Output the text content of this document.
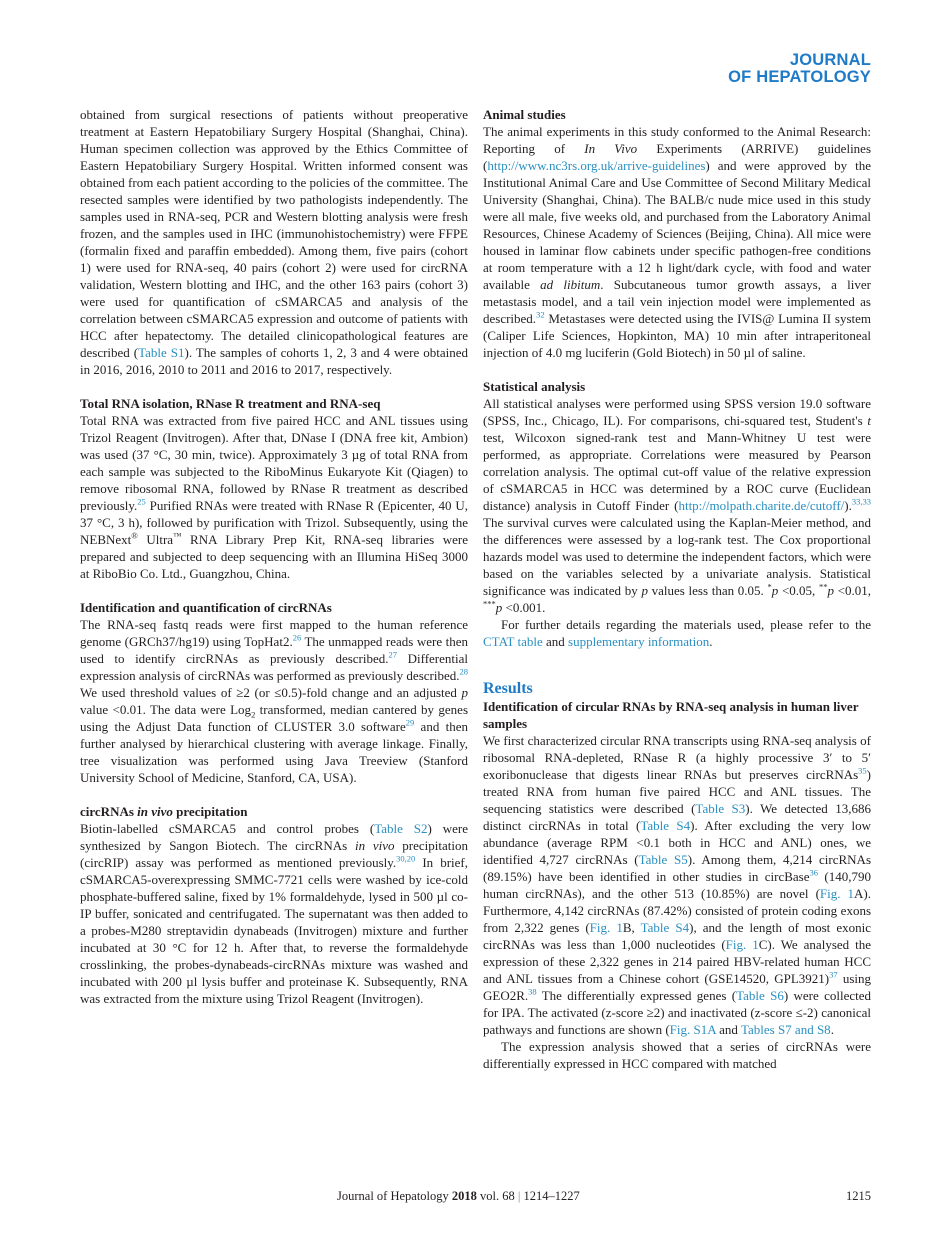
JOURNAL
OF HEPATOLOGY

obtained from surgical resections of patients without preoperative treatment at Eastern Hepatobiliary Surgery Hospital (Shanghai, China). Human specimen collection was approved by the Ethics Committee of Eastern Hepatobiliary Surgery Hospital. Written informed consent was obtained from each patient according to the policies of the committee. The resected samples were identified by two pathologists independently. The samples used in RNA-seq, PCR and Western blotting analysis were fresh frozen, and the samples used in IHC (immunohistochemistry) were FFPE (formalin fixed and paraffin embedded). Among them, five pairs (cohort 1) were used for RNA-seq, 40 pairs (cohort 2) were used for circRNA validation, Western blotting and IHC, and the other 163 pairs (cohort 3) were used for quantification of cSMARCA5 and analysis of the correlation between cSMARCA5 expression and outcome of patients with HCC after hepatectomy. The detailed clinicopathological features are described (Table S1). The samples of cohorts 1, 2, 3 and 4 were obtained in 2016, 2016, 2010 to 2011 and 2016 to 2017, respectively.

Total RNA isolation, RNase R treatment and RNA-seq

Total RNA was extracted from five paired HCC and ANL tissues using Trizol Reagent (Invitrogen). After that, DNase I (DNA free kit, Ambion) was used (37 °C, 30 min, twice). Approximately 3 µg of total RNA from each sample was subjected to the RiboMinus Eukaryote Kit (Qiagen) to remove ribosomal RNA, followed by RNase R treatment as described previously.$^{25}$ Purified RNAs were treated with RNase R (Epicenter, 40 U, 37 °C, 3 h), followed by purification with Trizol. Subsequently, using the NEBNext® Ultra™ RNA Library Prep Kit, RNA-seq libraries were prepared and subjected to deep sequencing with an Illumina HiSeq 3000 at RiboBio Co. Ltd., Guangzhou, China.

Identification and quantification of circRNAs

The RNA-seq fastq reads were first mapped to the human reference genome (GRCh37/hg19) using TopHat2.26 The unmapped reads were then used to identify circRNAs as previously described.$^{27}$ Differential expression analysis of circRNAs was performed as previously described.$^{28}$ We used threshold values of ≥2 (or ≤0.5)-fold change and an adjusted p value <0.01. The data were Log$_2$ transformed, median cantered by genes using the Adjust Data function of CLUSTER 3.0 software$^{29}$ and then further analysed by hierarchical clustering with average linkage. Finally, tree visualization was performed using Java Treeview (Stanford University School of Medicine, Stanford, CA, USA).

circRNAs in vivo precipitation

Biotin-labelled cSMARCA5 and control probes (Table S2) were synthesized by Sangon Biotech. The circRNAs in vivo precipitation (circRIP) assay was performed as mentioned previously.$^{30,20}$ In brief, cSMARCA5-overexpressing SMMC-7721 cells were washed by ice-cold phosphate-buffered saline, fixed by 1% formaldehyde, lysed in 500 µl co-IP buffer, sonicated and centrifugated. The supernatant was then added to a probes-M280 streptavidin dynabeads (Invitrogen) mixture and further incubated at 30 °C for 12 h. After that, to reverse the formaldehyde crosslinking, the probes-dynabeads-circRNAs mixture was washed and incubated with 200 µl lysis buffer and proteinase K. Subsequently, RNA was extracted from the mixture using Trizol Reagent (Invitrogen).

Animal studies

The animal experiments in this study conformed to the Animal Research: Reporting of In Vivo Experiments (ARRIVE) guidelines (http://www.nc3rs.org.uk/arrive-guidelines) and were approved by the Institutional Animal Care and Use Committee of Second Military Medical University (Shanghai, China). The BALB/c nude mice used in this study were all male, five weeks old, and purchased from the Laboratory Animal Resources, Chinese Academy of Sciences (Beijing, China). All mice were housed in laminar flow cabinets under specific pathogen-free conditions at room temperature with a 12 h light/dark cycle, with food and water available ad libitum. Subcutaneous tumor growth assays, a liver metastasis model, and a tail vein injection model were implemented as described.$^{32}$ Metastases were detected using the IVIS@ Lumina II system (Caliper Life Sciences, Hopkinton, MA) 10 min after intraperitoneal injection of 4.0 mg luciferin (Gold Biotech) in 50 µl of saline.

Statistical analysis

All statistical analyses were performed using SPSS version 19.0 software (SPSS, Inc., Chicago, IL). For comparisons, chi-squared test, Student's t test, Wilcoxon signed-rank test and Mann-Whitney U test were performed, as appropriate. Correlations were measured by Pearson correlation analysis. The optimal cut-off value of the relative expression of cSMARCA5 in HCC was determined by a ROC curve (Euclidean distance) analysis in Cutoff Finder (http://molpath.charite.de/cutoff/).$^{33,33}$ The survival curves were calculated using the Kaplan-Meier method, and the differences were assessed by a log-rank test. The Cox proportional hazards model was used to determine the independent factors, which were based on the variables selected by a univariate analysis. Statistical significance was indicated by p values less than 0.05. *p <0.05, **p <0.01, ***p <0.001.

For further details regarding the materials used, please refer to the CTAT table and supplementary information.

Results
Identification of circular RNAs by RNA-seq analysis in human liver samples

We first characterized circular RNA transcripts using RNA-seq analysis of ribosomal RNA-depleted, RNase R (a highly processive 3′ to 5′ exoribonuclease that digests linear RNAs but preserves circRNAs$^{35}$) treated RNA from human five paired HCC and ANL tissues. The sequencing statistics were described (Table S3). We detected 13,686 distinct circRNAs in total (Table S4). After excluding the very low abundance (average RPM <0.1 both in HCC and ANL) ones, we identified 4,727 circRNAs (Table S5). Among them, 4,214 circRNAs (89.15%) have been identified in other studies in circBase$^{36}$ (140,790 human circRNAs), and the other 513 (10.85%) are novel (Fig. 1A). Furthermore, 4,142 circRNAs (87.42%) consisted of protein coding exons from 2,322 genes (Fig. 1B, Table S4), and the length of most exonic circRNAs was less than 1,000 nucleotides (Fig. 1C). We analysed the expression of these 2,322 genes in 214 paired HBV-related human HCC and ANL tissues from a Chinese cohort (GSE14520, GPL3921)$^{37}$ using GEO2R.$^{38}$ The differentially expressed genes (Table S6) were collected for IPA. The activated (z-score ≥2) and inactivated (z-score ≤-2) canonical pathways and functions are shown (Fig. S1A and Tables S7 and S8.

The expression analysis showed that a series of circRNAs were differentially expressed in HCC compared with matched

Journal of Hepatology 2018 vol. 68 | 1214–1227	1215
